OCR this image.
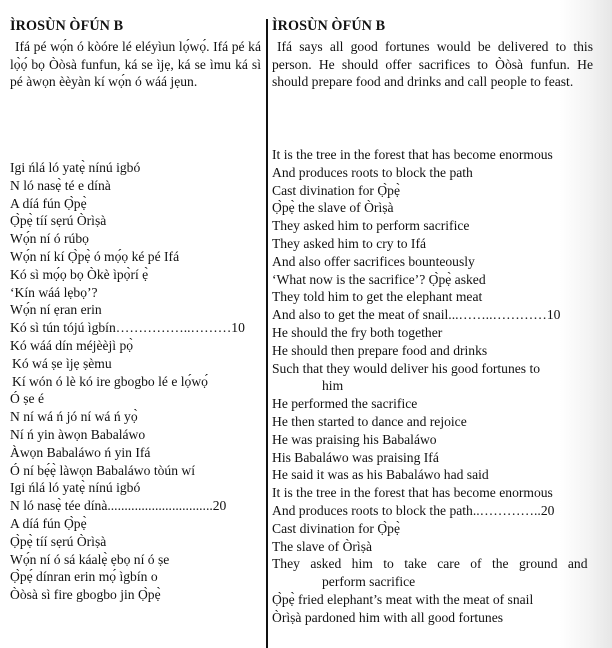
ÌROSÙN ÒFÚN B

Ifá pé wọ́n ó kòóre lé eléyìun lọ́wọ́. Ifá pé ká lọ̀ọ́ bọ Òòsà funfun, ká se ìjẹ, ká se ìmu ká sì pé àwọn èèyàn kí wọ́n ó wáá jẹun.

Igi ńlá ló yatẹ̀ nínú igbó
N ló nasẹ̀ té e dínà
A díá fún Ọ̀pẹ̀
Ọ̀pẹ̀ tíí sẹrú Òrìṣà
Wọ́n ní ó rúbọ
Wọ́n ní kí Ọ̀pẹ̀ ó mọ́ọ ké pé Ifá
Kó sì mọ́ọ bọ Òkè ìpọ̀rí ẹ̀
‘Kín wáá lẹbọ’?
Wọ́n ní ẹran erin
Kó sì tún tójú ìgbín……………..………10
Kó wáá dín méjèèjì pọ̀
Kó wá ṣe ìjẹ ṣèmu
Kí wón ó lè kó ire gbogbo lé e lọ́wọ́
Ó ṣe é
N ní wá ń jó ní wá ń yọ̀
Ní ń yin àwọn Babaláwo
Àwọn Babaláwo ń yin Ifá
Ó ní bẹ́ẹ̀ làwọn Babaláwo tòún wí
Igi ńlá ló yatẹ̀ nínú igbó
N ló nasẹ̀ tée dínà...............................20
A díá fún Ọ̀pẹ̀
Ọ̀pẹ̀ tíí sẹrú Òrìṣà
Wọ́n ní ó sá káalẹ̀ ẹbọ ní ó ṣe
Ọ̀pẹ́ dínran erin mọ́ ìgbín o
Òòsà sì fire gbogbo jin Ọ̀pẹ̀
ÌROSÙN ÒFÚN B

Ifá says all good fortunes would be delivered to this person. He should offer sacrifices to Òòsà funfun. He should prepare food and drinks and call people to feast.

It is the tree in the forest that has become enormous
And produces roots to block the path
Cast divination for Ọ̀pẹ̀
Ọ̀pẹ̀ the slave of Òrìṣà
They asked him to perform sacrifice
They asked him to cry to Ifá
And also offer sacrifices bounteously
‘What now is the sacrifice’? Ọ̀pẹ̀ asked
They told him to get the elephant meat
And also to get the meat of snail...……..…………10
He should the fry both together
He should then prepare food and drinks
Such that they would deliver his good fortunes to
him
He performed the sacrifice
He then started to dance and rejoice
He was praising his Babaláwo
His Babaláwo was praising Ifá
He said it was as his Babaláwo had said
It is the tree in the forest that has become enormous
And produces roots to block the path..…………..20
Cast divination for Ọ̀pẹ̀
The slave of Òrìṣà
They asked him to take care of the ground and
perform sacrifice
Ọ̀pẹ̀ fried elephant’s meat with the meat of snail
Òrìṣà pardoned him with all good fortunes
